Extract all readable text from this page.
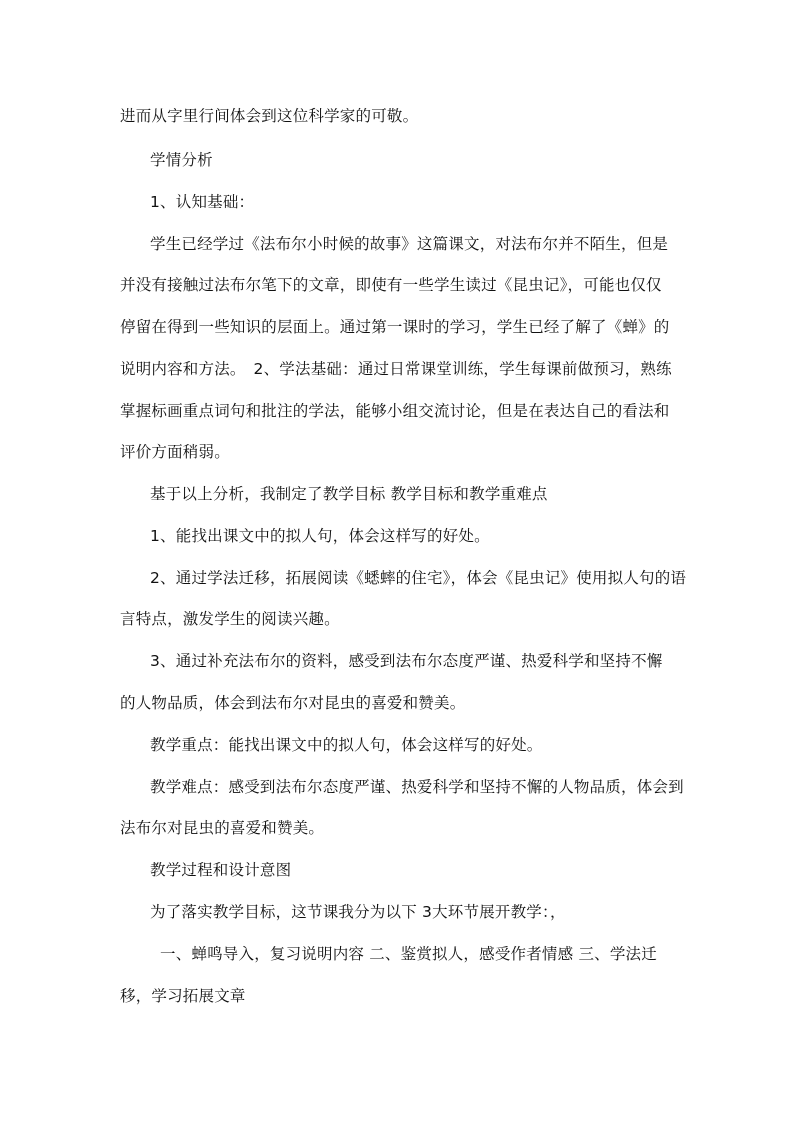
进而从字里行间体会到这位科学家的可敬。
学情分析
1、认知基础：
学生已经学过《法布尔小时候的故事》这篇课文，对法布尔并不陌生，但是
并没有接触过法布尔笔下的文章，即使有一些学生读过《昆虫记》，可能也仅仅
停留在得到一些知识的层面上。通过第一课时的学习，学生已经了解了《蝉》的
说明内容和方法。　2、学法基础：通过日常课堂训练，学生每课前做预习，熟练
掌握标画重点词句和批注的学法，能够小组交流讨论，但是在表达自己的看法和
评价方面稍弱。
基于以上分析，我制定了教学目标 教学目标和教学重难点
1、能找出课文中的拟人句，体会这样写的好处。
2、通过学法迁移，拓展阅读《蟋蟀的住宅》，体会《昆虫记》使用拟人句的语
言特点，激发学生的阅读兴趣。
3、通过补充法布尔的资料，感受到法布尔态度严谨、热爱科学和坚持不懈
的人物品质，体会到法布尔对昆虫的喜爱和赞美。
教学重点：能找出课文中的拟人句，体会这样写的好处。
教学难点：感受到法布尔态度严谨、热爱科学和坚持不懈的人物品质，体会到
法布尔对昆虫的喜爱和赞美。
教学过程和设计意图
为了落实教学目标，这节课我分为以下 3大环节展开教学：，
一、蝉鸣导入，复习说明内容 二、鉴赏拟人，感受作者情感 三、学法迁
移，学习拓展文章
